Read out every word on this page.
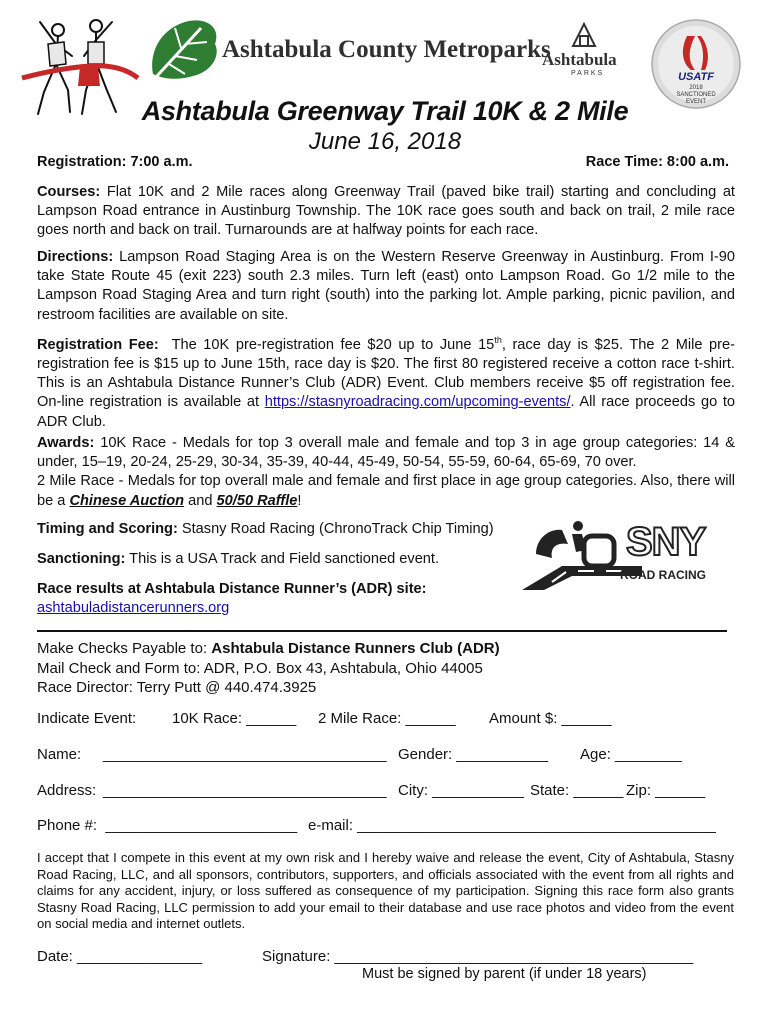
Ashtabula County Metroparks
Ashtabula
PARKS	USATF
2018
SANCTIONED
EVENT
Ashtabula Greenway Trail 10K & 2 Mile
June 16, 2018
Registration: 7:00 a.m.	Race Time: 8:00 a.m.

Courses: Flat 10K and 2 Mile races along Greenway Trail (paved bike trail) starting and concluding at Lampson Road entrance in Austinburg Township. The 10K race goes south and back on trail, 2 mile race goes north and back on trail. Turnarounds are at halfway points for each race.

Directions: Lampson Road Staging Area is on the Western Reserve Greenway in Austinburg. From I-90 take State Route 45 (exit 223) south 2.3 miles. Turn left (east) onto Lampson Road. Go 1/2 mile to the Lampson Road Staging Area and turn right (south) into the parking lot. Ample parking, picnic pavilion, and restroom facilities are available on site.

Registration Fee:  The 10K pre-registration fee $20 up to June 15th, race day is $25. The 2 Mile pre-registration fee is $15 up to June 15th, race day is $20. The first 80 registered receive a cotton race t-shirt. This is an Ashtabula Distance Runner’s Club (ADR) Event. Club members receive $5 off registration fee. On-line registration is available at https://stasnyroadracing.com/upcoming-events/. All race proceeds go to ADR Club.

Awards: 10K Race - Medals for top 3 overall male and female and top 3 in age group categories: 14 & under, 15–19, 20-24, 25-29, 30-34, 35-39, 40-44, 45-49, 50-54, 55-59, 60-64, 65-69, 70 over.
2 Mile Race - Medals for top overall male and female and first place in age group categories. Also, there will be a Chinese Auction and 50/50 Raffle!

Timing and Scoring: Stasny Road Racing (ChronoTrack Chip Timing)
Sanctioning: This is a USA Track and Field sanctioned event.
Race results at Ashtabula Distance Runner’s (ADR) site:
ashtabuladistancerunners.org
SNY
ROAD RACING
Make Checks Payable to: Ashtabula Distance Runners Club (ADR)
Mail Check and Form to: ADR, P.O. Box 43, Ashtabula, Ohio 44005
Race Director: Terry Putt @ 440.474.3925
Indicate Event: 10K Race: ______ 2 Mile Race: ______ Amount $: ______
Name: __________________________________ Gender: ___________ Age: ________
Address: __________________________________ City: ___________ State: ______ Zip: ______
Phone #:  _______________________ e-mail: ___________________________________________

I accept that I compete in this event at my own risk and I hereby waive and release the event, City of Ashtabula, Stasny Road Racing, LLC, and all sponsors, contributors, supporters, and officials associated with the event from all rights and claims for any accident, injury, or loss suffered as consequence of my participation. Signing this race form also grants Stasny Road Racing, LLC permission to add your email to their database and use race photos and video from the event on social media and internet outlets.

Date: _______________	Signature: ___________________________________________
Must be signed by parent (if under 18 years)
